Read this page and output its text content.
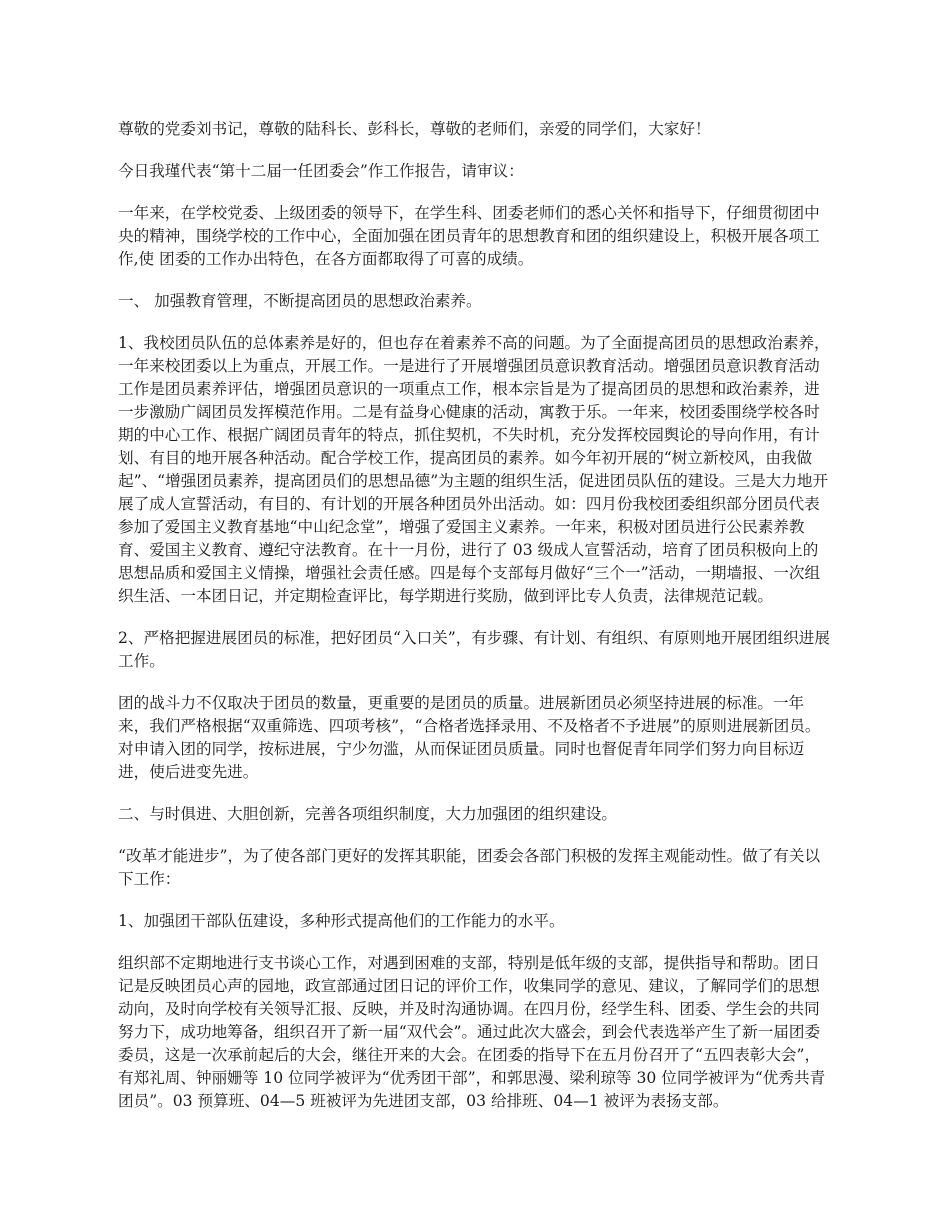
尊敬的党委刘书记，尊敬的陆科长、彭科长，尊敬的老师们，亲爱的同学们，大家好！

今日我瑾代表“第十二届一任团委会”作工作报告，请审议：

一年来，在学校党委、上级团委的领导下，在学生科、团委老师们的悉心关怀和指导下，仔细贯彻团中央的精神，围绕学校的工作中心，全面加强在团员青年的思想教育和团的组织建设上，积极开展各项工作,使 团委的工作办出特色，在各方面都取得了可喜的成绩。

一、 加强教育管理，不断提高团员的思想政治素养。

1、我校团员队伍的总体素养是好的，但也存在着素养不高的问题。为了全面提高团员的思想政治素养，一年来校团委以上为重点，开展工作。一是进行了开展增强团员意识教育活动。增强团员意识教育活动工作是团员素养评估，增强团员意识的一项重点工作，根本宗旨是为了提高团员的思想和政治素养，进一步激励广阔团员发挥模范作用。二是有益身心健康的活动，寓教于乐。一年来，校团委围绕学校各时期的中心工作、根据广阔团员青年的特点，抓住契机，不失时机，充分发挥校园舆论的导向作用，有计划、有目的地开展各种活动。配合学校工作，提高团员的素养。如今年初开展的“树立新校风，由我做起”、“增强团员素养，提高团员们的思想品德”为主题的组织生活，促进团员队伍的建设。三是大力地开展了成人宣誓活动，有目的、有计划的开展各种团员外出活动。如：四月份我校团委组织部分团员代表参加了爱国主义教育基地“中山纪念堂”，增强了爱国主义素养。一年来，积极对团员进行公民素养教育、爱国主义教育、遵纪守法教育。在十一月份，进行了 03 级成人宣誓活动，培育了团员积极向上的思想品质和爱国主义情操，增强社会责任感。四是每个支部每月做好“三个一”活动，一期墙报、一次组织生活、一本团日记，并定期检查评比，每学期进行奖励，做到评比专人负责，法律规范记载。

2、严格把握进展团员的标准，把好团员“入口关”，有步骤、有计划、有组织、有原则地开展团组织进展工作。

团的战斗力不仅取决于团员的数量，更重要的是团员的质量。进展新团员必须坚持进展的标准。一年来，我们严格根据“双重筛选、四项考核”，“合格者选择录用、不及格者不予进展”的原则进展新团员。对申请入团的同学，按标进展，宁少勿滥，从而保证团员质量。同时也督促青年同学们努力向目标迈进，使后进变先进。

二、与时俱进、大胆创新，完善各项组织制度，大力加强团的组织建设。

“改革才能进步”，为了使各部门更好的发挥其职能，团委会各部门积极的发挥主观能动性。做了有关以下工作：

1、加强团干部队伍建设，多种形式提高他们的工作能力的水平。

组织部不定期地进行支书谈心工作，对遇到困难的支部，特别是低年级的支部，提供指导和帮助。团日记是反映团员心声的园地，政宣部通过团日记的评价工作，收集同学的意见、建议，了解同学们的思想动向，及时向学校有关领导汇报、反映，并及时沟通协调。在四月份，经学生科、团委、学生会的共同努力下，成功地筹备，组织召开了新一届“双代会”。通过此次大盛会，到会代表选举产生了新一届团委委员，这是一次承前起后的大会，继往开来的大会。在团委的指导下在五月份召开了“五四表彰大会”， 有郑礼周、钟丽姗等 10 位同学被评为“优秀团干部”，和郭思漫、梁利琼等 30 位同学被评为“优秀共青团员”。03 预算班、04—5 班被评为先进团支部，03 给排班、04—1 被评为表扬支部。
